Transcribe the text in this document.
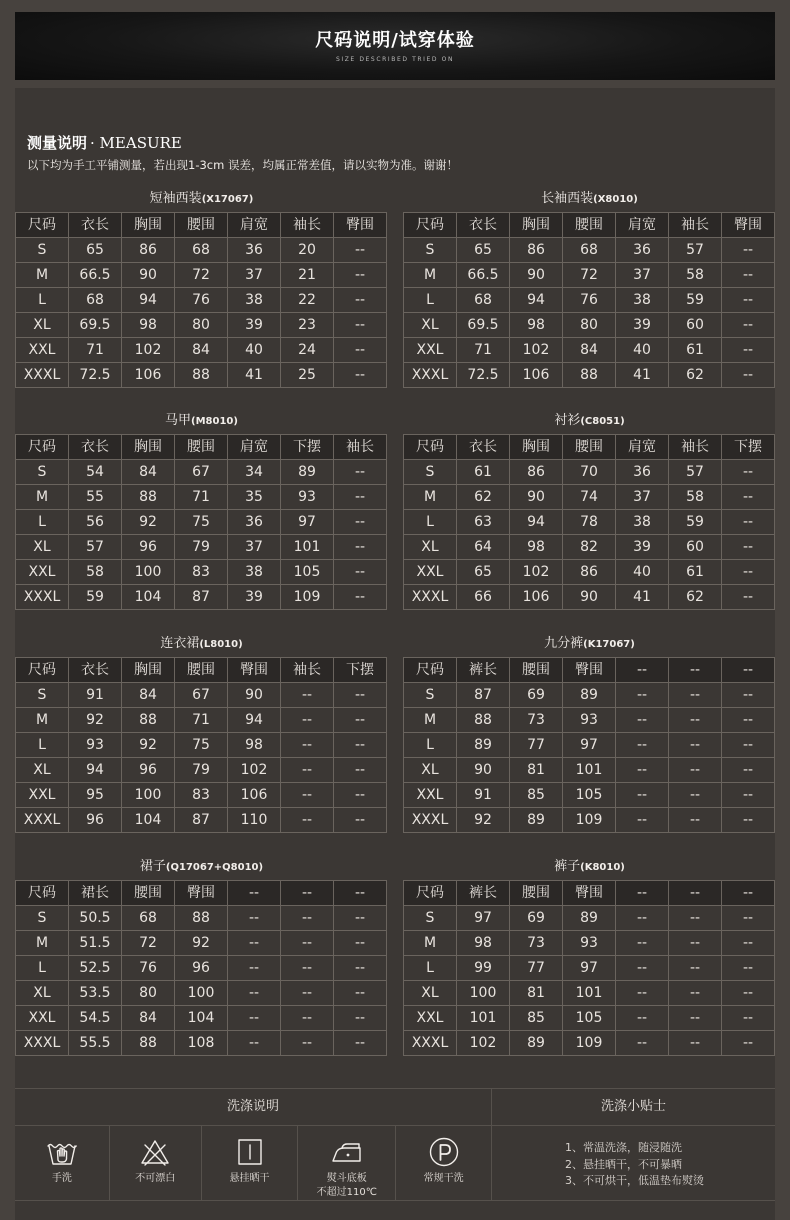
尺码说明/试穿体验
SIZE DESCRIBED TRIED ON
测量说明 · MEASURE
以下均为手工平铺测量，若出现1-3cm 误差，均属正常差值，请以实物为准。谢谢！
短袖西装(X17067)
尺码	衣长	胸围	腰围	肩宽	袖长	臀围
S	65	86	68	36	20	--
M	66.5	90	72	37	21	--
L	68	94	76	38	22	--
XL	69.5	98	80	39	23	--
XXL	71	102	84	40	24	--
XXXL	72.5	106	88	41	25	--
长袖西装(X8010)
尺码	衣长	胸围	腰围	肩宽	袖长	臀围
S	65	86	68	36	57	--
M	66.5	90	72	37	58	--
L	68	94	76	38	59	--
XL	69.5	98	80	39	60	--
XXL	71	102	84	40	61	--
XXXL	72.5	106	88	41	62	--
马甲(M8010)
尺码	衣长	胸围	腰围	肩宽	下摆	袖长
S	54	84	67	34	89	--
M	55	88	71	35	93	--
L	56	92	75	36	97	--
XL	57	96	79	37	101	--
XXL	58	100	83	38	105	--
XXXL	59	104	87	39	109	--
衬衫(C8051)
尺码	衣长	胸围	腰围	肩宽	袖长	下摆
S	61	86	70	36	57	--
M	62	90	74	37	58	--
L	63	94	78	38	59	--
XL	64	98	82	39	60	--
XXL	65	102	86	40	61	--
XXXL	66	106	90	41	62	--
连衣裙(L8010)
尺码	衣长	胸围	腰围	臀围	袖长	下摆
S	91	84	67	90	--	--
M	92	88	71	94	--	--
L	93	92	75	98	--	--
XL	94	96	79	102	--	--
XXL	95	100	83	106	--	--
XXXL	96	104	87	110	--	--
九分裤(K17067)
尺码	裤长	腰围	臀围	--	--	--
S	87	69	89	--	--	--
M	88	73	93	--	--	--
L	89	77	97	--	--	--
XL	90	81	101	--	--	--
XXL	91	85	105	--	--	--
XXXL	92	89	109	--	--	--
裙子(Q17067+Q8010)
尺码	裙长	腰围	臀围	--	--	--
S	50.5	68	88	--	--	--
M	51.5	72	92	--	--	--
L	52.5	76	96	--	--	--
XL	53.5	80	100	--	--	--
XXL	54.5	84	104	--	--	--
XXXL	55.5	88	108	--	--	--
裤子(K8010)
尺码	裤长	腰围	臀围	--	--	--
S	97	69	89	--	--	--
M	98	73	93	--	--	--
L	99	77	97	--	--	--
XL	100	81	101	--	--	--
XXL	101	85	105	--	--	--
XXXL	102	89	109	--	--	--
洗涤说明
手洗	不可漂白	悬挂晒干	熨斗底板
不超过110℃
常规干洗
洗涤小贴士
1、常温洗涤，随浸随洗
2、悬挂晒干，不可暴晒
3、不可烘干，低温垫布熨烫
